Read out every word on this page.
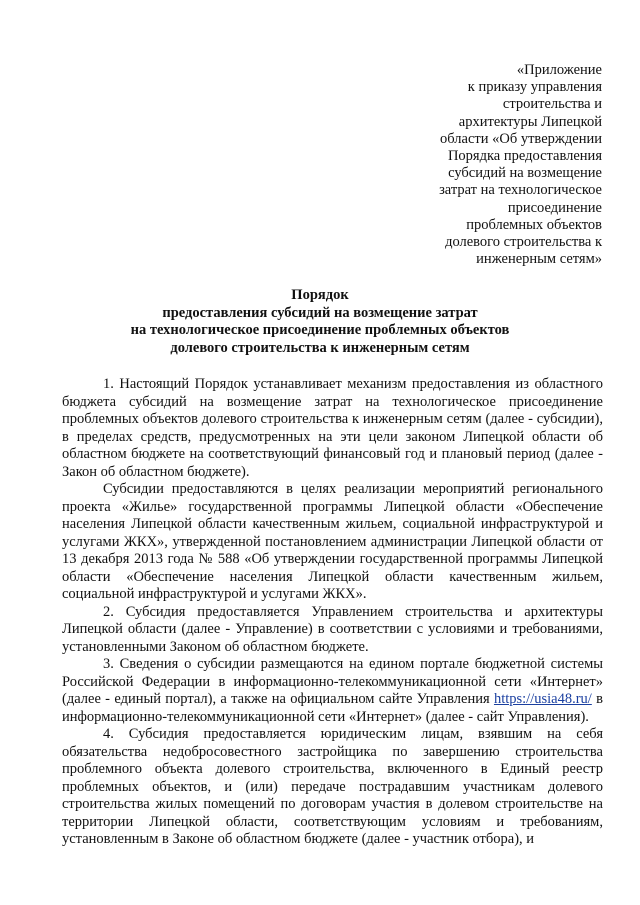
«Приложение
к приказу управления
строительства и
архитектуры Липецкой
области «Об утверждении
Порядка предоставления
субсидий на возмещение
затрат на технологическое
присоединение
проблемных объектов
долевого строительства к
инженерным сетям»
Порядок
предоставления субсидий на возмещение затрат
на технологическое присоединение проблемных объектов
долевого строительства к инженерным сетям

1. Настоящий Порядок устанавливает механизм предоставления из областного бюджета субсидий на возмещение затрат на технологическое присоединение проблемных объектов долевого строительства к инженерным сетям (далее - субсидии), в пределах средств, предусмотренных на эти цели законом Липецкой области об областном бюджете на соответствующий финансовый год и плановый период (далее - Закон об областном бюджете).

Субсидии предоставляются в целях реализации мероприятий регионального проекта «Жилье» государственной программы Липецкой области «Обеспечение населения Липецкой области качественным жильем, социальной инфраструктурой и услугами ЖКХ», утвержденной постановлением администрации Липецкой области от 13 декабря 2013 года № 588 «Об утверждении государственной программы Липецкой области «Обеспечение населения Липецкой области качественным жильем, социальной инфраструктурой и услугами ЖКХ».

2. Субсидия предоставляется Управлением строительства и архитектуры Липецкой области (далее - Управление) в соответствии с условиями и требованиями, установленными Законом об областном бюджете.

3. Сведения о субсидии размещаются на едином портале бюджетной системы Российской Федерации в информационно-телекоммуникационной сети «Интернет» (далее - единый портал), а также на официальном сайте Управления https://usia48.ru/ в информационно-телекоммуникационной сети «Интернет» (далее - сайт Управления).

4. Субсидия предоставляется юридическим лицам, взявшим на себя обязательства недобросовестного застройщика по завершению строительства проблемного объекта долевого строительства, включенного в Единый реестр проблемных объектов, и (или) передаче пострадавшим участникам долевого строительства жилых помещений по договорам участия в долевом строительстве на территории Липецкой области, соответствующим условиям и требованиям, установленным в Законе об областном бюджете (далее - участник отбора), и
